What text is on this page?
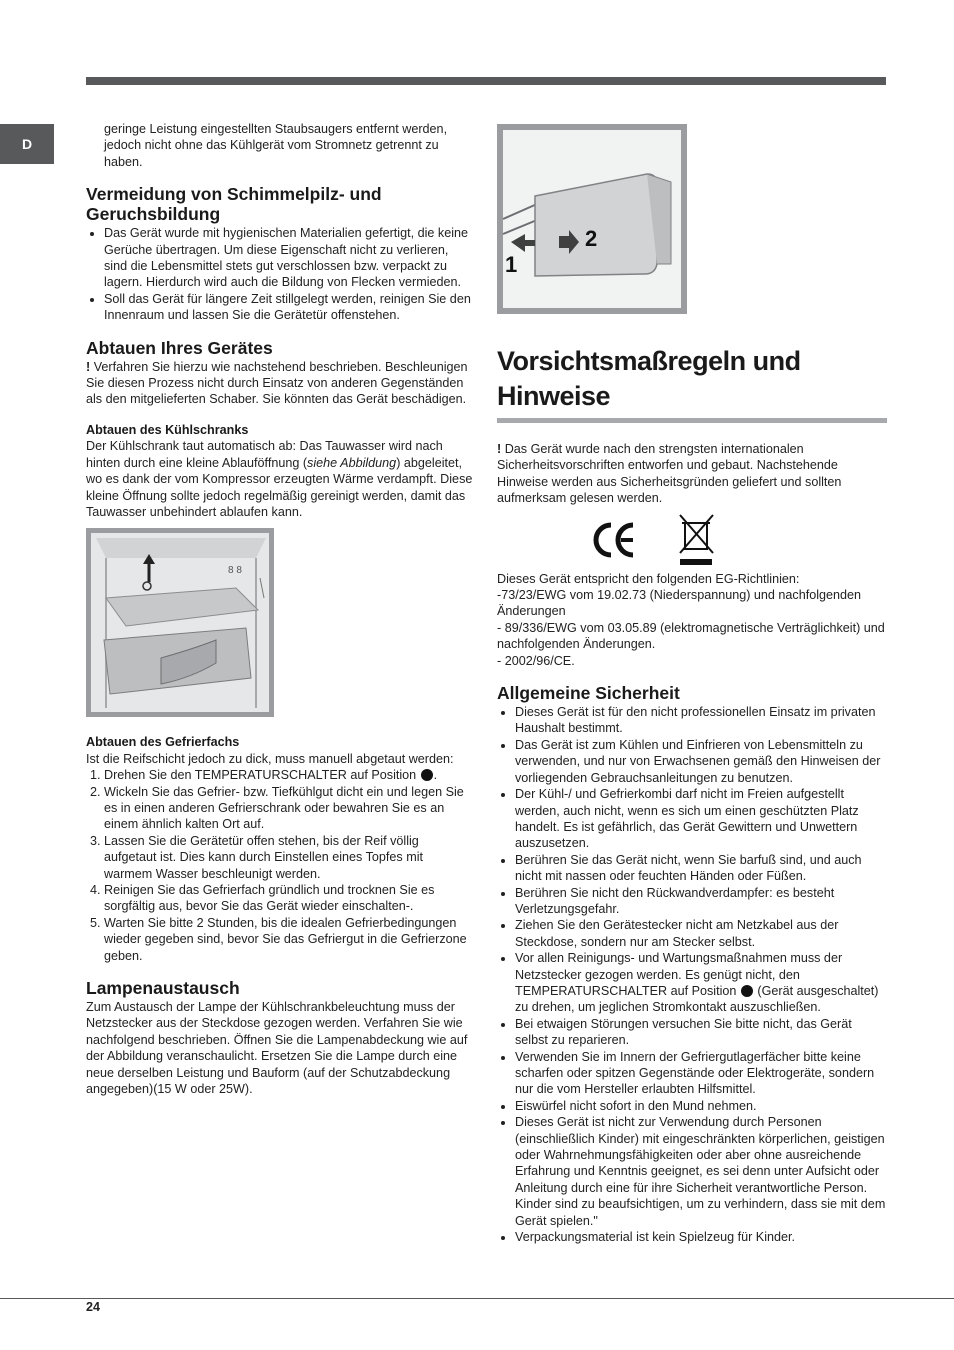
D

geringe Leistung eingestellten Staubsaugers entfernt werden, jedoch nicht ohne das Kühlgerät vom Stromnetz getrennt zu haben.

Vermeidung von Schimmelpilz- und Geruchsbildung
• Das Gerät wurde mit hygienischen Materialien gefertigt, die keine Gerüche übertragen. Um diese Eigenschaft nicht zu verlieren, sind die Lebensmittel stets gut verschlossen bzw. verpackt zu lagern. Hierdurch wird auch die Bildung von Flecken vermieden.
• Soll das Gerät für längere Zeit stillgelegt werden, reinigen Sie den Innenraum und lassen Sie die Gerätetür offenstehen.
Abtauen Ihres Gerätes

! Verfahren Sie hierzu wie nachstehend beschrieben. Beschleunigen Sie diesen Prozess nicht durch Einsatz von anderen Gegenständen als den mitgelieferten Schaber. Sie könnten das Gerät beschädigen.

Abtauen des Kühlschranks

Der Kühlschrank taut automatisch ab: Das Tauwasser wird nach hinten durch eine kleine Ablauföffnung (siehe Abbildung) abgeleitet, wo es dank der vom Kompressor erzeugten Wärme verdampft. Diese kleine Öffnung sollte jedoch regelmäßig gereinigt werden, damit das Tauwasser unbehindert ablaufen kann.

8 8
Abtauen des Gefrierfachs

Ist die Reifschicht jedoch zu dick, muss manuell abgetaut werden:

1. Drehen Sie den TEMPERATURSCHALTER auf Position .
2. Wickeln Sie das Gefrier- bzw. Tiefkühlgut dicht ein und legen Sie es in einen anderen Gefrierschrank oder bewahren Sie es an einem ähnlich kalten Ort auf.
3. Lassen Sie die Gerätetür offen stehen, bis der Reif völlig aufgetaut ist. Dies kann durch Einstellen eines Topfes mit warmem Wasser beschleunigt werden.
4. Reinigen Sie das Gefrierfach gründlich und trocknen Sie es sorgfältig aus, bevor Sie das Gerät wieder einschalten-.
5. Warten Sie bitte 2 Stunden, bis die idealen Gefrierbedingungen wieder gegeben sind, bevor Sie das Gefriergut in die Gefrierzone geben.
Lampenaustausch

Zum Austausch der Lampe der Kühlschrankbeleuchtung muss der Netzstecker aus der Steckdose gezogen werden. Verfahren Sie wie nachfolgend beschrieben. Öffnen Sie die Lampenabdeckung wie auf der Abbildung veranschaulicht. Ersetzen Sie die Lampe durch eine neue derselben Leistung und Bauform (auf der Schutzabdeckung angegeben)(15 W oder 25W).

1
2
Vorsichtsmaßregeln und Hinweise

! Das Gerät wurde nach den strengsten internationalen Sicherheitsvorschriften entworfen und gebaut. Nachstehende Hinweise werden aus Sicherheitsgründen geliefert und sollten aufmerksam gelesen werden.

Dieses Gerät entspricht den folgenden EG-Richtlinien:

-73/23/EWG vom 19.02.73 (Niederspannung) und nachfolgenden Änderungen

- 89/336/EWG vom 03.05.89 (elektromagnetische Verträglichkeit) und nachfolgenden Änderungen.

- 2002/96/CE.

Allgemeine Sicherheit
• Dieses Gerät ist für den nicht professionellen Einsatz im privaten Haushalt bestimmt.
• Das Gerät ist zum Kühlen und Einfrieren von Lebensmitteln zu verwenden, und nur von Erwachsenen gemäß den Hinweisen der vorliegenden Gebrauchsanleitungen zu benutzen.
• Der Kühl-/ und Gefrierkombi darf nicht im Freien aufgestellt werden, auch nicht, wenn es sich um einen geschützten Platz handelt. Es ist gefährlich, das Gerät Gewittern und Unwettern auszusetzen.
• Berühren Sie das Gerät nicht, wenn Sie barfuß sind, und auch nicht mit nassen oder feuchten Händen oder Füßen.
• Berühren Sie nicht den Rückwandverdampfer: es besteht Verletzungsgefahr.
• Ziehen Sie den Gerätestecker nicht am Netzkabel aus der Steckdose, sondern nur am Stecker selbst.
• Vor allen Reinigungs- und Wartungsmaßnahmen muss der Netzstecker gezogen werden. Es genügt nicht, den TEMPERATURSCHALTER auf Position  (Gerät ausgeschaltet) zu drehen, um jeglichen Stromkontakt auszuschließen.
• Bei etwaigen Störungen versuchen Sie bitte nicht, das Gerät selbst zu reparieren.
• Verwenden Sie im Innern der Gefriergutlagerfächer bitte keine scharfen oder spitzen Gegenstände oder Elektrogeräte, sondern nur die vom Hersteller erlaubten Hilfsmittel.
• Eiswürfel nicht sofort in den Mund nehmen.
• Dieses Gerät ist nicht zur Verwendung durch Personen (einschließlich Kinder) mit eingeschränkten körperlichen, geistigen oder Wahrnehmungsfähigkeiten oder aber ohne ausreichende Erfahrung und Kenntnis geeignet, es sei denn unter Aufsicht oder Anleitung durch eine für ihre Sicherheit verantwortliche Person. Kinder sind zu beaufsichtigen, um zu verhindern, dass sie mit dem Gerät spielen."
• Verpackungsmaterial ist kein Spielzeug für Kinder.
24
